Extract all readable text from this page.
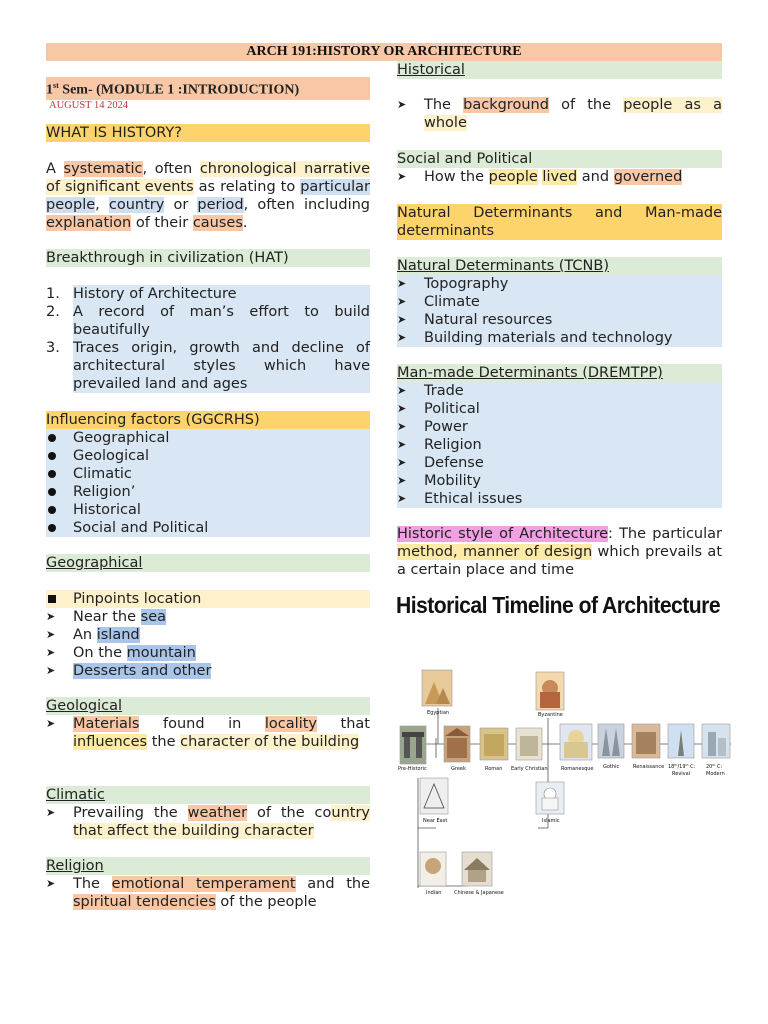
ARCH 191:HISTORY OR ARCHITECTURE
1st Sem- (MODULE 1 :INTRODUCTION)
AUGUST 14 2024
WHAT IS HISTORY?
A systematic, often chronological narrative of significant events as relating to particular people, country or period, often including explanation of their causes.
Breakthrough in civilization (HAT)
1. History of Architecture
2. A record of man’s effort to build beautifully
3. Traces origin, growth and decline of architectural styles which have prevailed land and ages
Influencing factors (GGCRHS)
Geographical
Geological
Climatic
Religion’
Historical
Social and Political
Geographical
Pinpoints location
➤	Near the sea
➤	An island
➤	On the mountain
➤	Desserts and other
Geological
➤	Materials found in locality that influences the character of the building
Climatic
➤	Prevailing the weather of the country that affect the building character
Religion
➤	The emotional temperament and the spiritual tendencies of the people
Historical
➤	The background of the people as a whole
Social and Political
➤	How the people lived and governed
Natural Determinants and Man-made determinants
Natural Determinants (TCNB)
➤	Topography
➤	Climate
➤	Natural resources
➤	Building materials and technology
Man-made Determinants (DREMTPP)
➤	Trade
➤	Political
➤	Power
➤	Religion
➤	Defense
➤	Mobility
➤	Ethical issues
Historic style of Architecture: The particular method, manner of design which prevails at a certain place and time
Historical Timeline of Architecture
Egyptian	Byzantine
Pre-Historic	Greek	Roman Early Christian	Romanesque Gothic	Renaissance 18th/19th C:
Revival
20th C:
Modern
Near East	Islamic
Indian	Chinese & Japanese
